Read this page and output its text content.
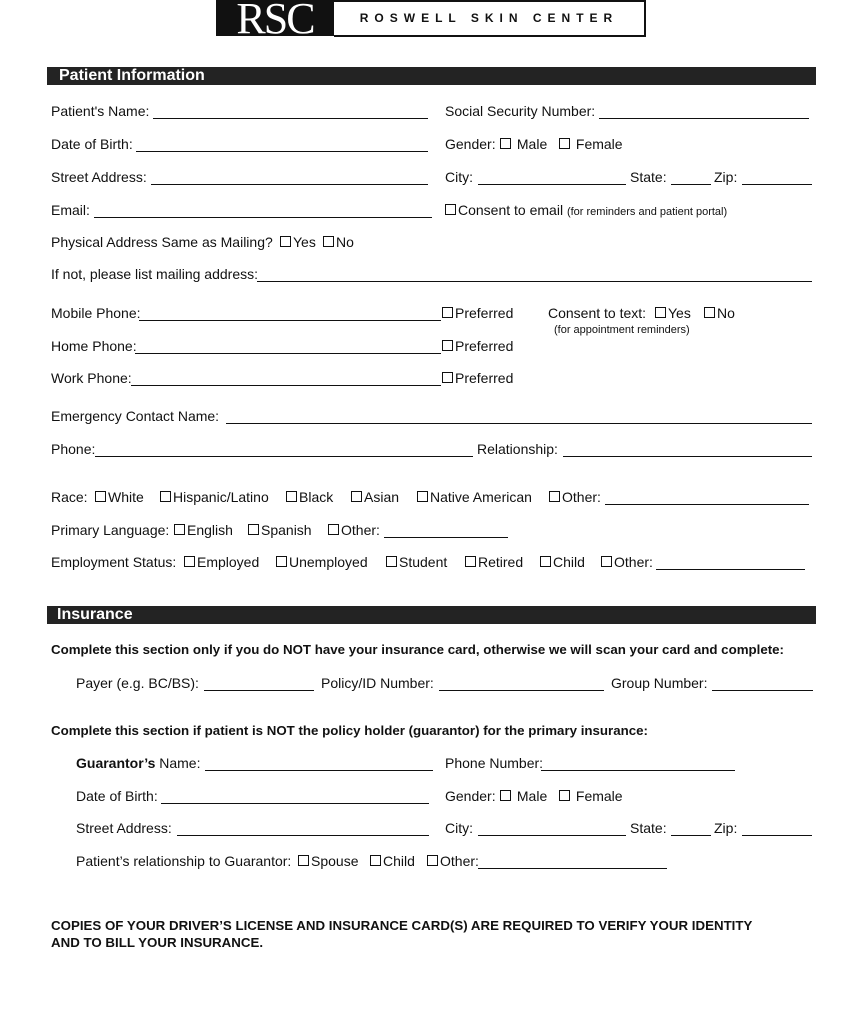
RSC	ROSWELL SKIN CENTER
Patient Information
Patient's Name:	Social Security Number:
Date of Birth:	Gender:	Male	Female
Street Address:	City:	State:	Zip:
Email:	Consent to email (for reminders and patient portal)
Physical Address Same as Mailing?	Yes	No
If not, please list mailing address:
Mobile Phone:	Preferred Consent to text:	Yes	No
(for appointment reminders)
Home Phone:	Preferred
Work Phone:	Preferred
Emergency Contact Name:
Phone:	Relationship:
Race:	White	Hispanic/Latino	Black	Asian	Native American	Other:
Primary Language:	English	Spanish	Other:
Employment Status:	Employed	Unemployed	Student	Retired	Child	Other:
Insurance
Complete this section only if you do NOT have your insurance card, otherwise we will scan your card and complete:
Payer (e.g. BC/BS):	Policy/ID Number:	Group Number:
Complete this section if patient is NOT the policy holder (guarantor) for the primary insurance:
Guarantor’s Name:	Phone Number:
Date of Birth:	Gender:	Male	Female
Street Address:	City:	State:	Zip:
Patient’s relationship to Guarantor:	Spouse	Child	Other:
COPIES OF YOUR DRIVER’S LICENSE AND INSURANCE CARD(S) ARE REQUIRED TO VERIFY YOUR IDENTITY
AND TO BILL YOUR INSURANCE.
